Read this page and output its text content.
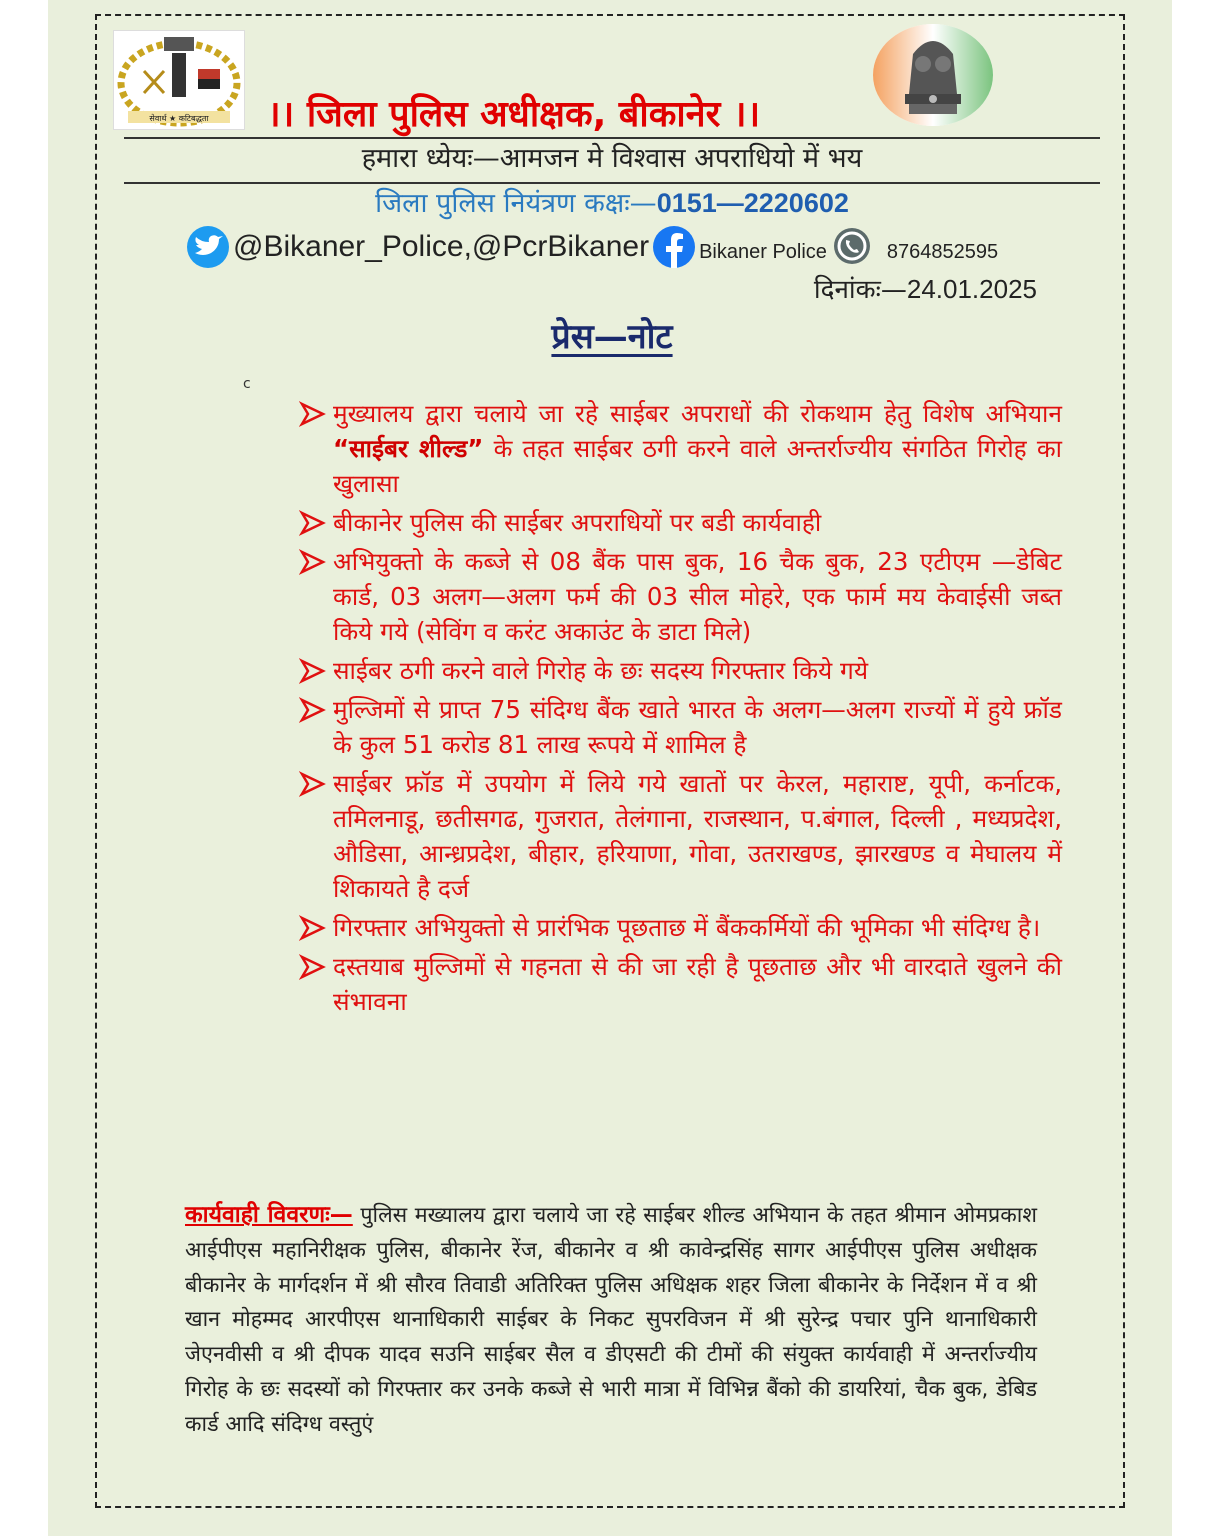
सेवार्थ ★ कटिबद्धता ।। जिला पुलिस अधीक्षक, बीकानेर ।।
हमारा ध्येयः—आमजन मे विश्वास अपराधियो में भय
जिला पुलिस नियंत्रण कक्षः—0151—2220602
@Bikaner_Police,@PcrBikaner	Bikaner Police	8764852595
दिनांकः—24.01.2025
प्रेस—नोट
c
मुख्यालय द्वारा चलाये जा रहे साईबर अपराधों की रोकथाम हेतु विशेष अभियान “साईबर शील्ड” के तहत साईबर ठगी करने वाले अन्तर्राज्यीय संगठित गिरोह का खुलासा
बीकानेर पुलिस की साईबर अपराधियों पर बडी कार्यवाही
अभियुक्तो के कब्जे से 08 बैंक पास बुक, 16 चैक बुक, 23 एटीएम —डेबिट कार्ड, 03 अलग—अलग फर्म की 03 सील मोहरे, एक फार्म मय केवाईसी जब्त किये गये (सेविंग व करंट अकाउंट के डाटा मिले)
साईबर ठगी करने वाले गिरोह के छः सदस्य गिरफ्तार किये गये
मुल्जिमों से प्राप्त 75 संदिग्ध बैंक खाते भारत के अलग—अलग राज्यों में हुये फ्रॉड के कुल 51 करोड 81 लाख रूपये में शामिल है
साईबर फ्रॉड में उपयोग में लिये गये खातों पर केरल, महाराष्ट, यूपी, कर्नाटक, तमिलनाडू, छतीसगढ, गुजरात, तेलंगाना, राजस्थान, प.बंगाल, दिल्ली , मध्यप्रदेश, औडिसा, आन्ध्रप्रदेश, बीहार, हरियाणा, गोवा, उतराखण्ड, झारखण्ड व मेघालय में शिकायते है दर्ज
गिरफ्तार अभियुक्तो से प्रारंभिक पूछताछ में बैंककर्मियों की भूमिका भी संदिग्ध है।
दस्तयाब मुल्जिमों से गहनता से की जा रही है पूछताछ और भी वारदाते खुलने की संभावना
कार्यवाही विवरणः— पुलिस मख्यालय द्वारा चलाये जा रहे साईबर शील्ड अभियान के तहत श्रीमान ओमप्रकाश आईपीएस महानिरीक्षक पुलिस, बीकानेर रेंज, बीकानेर व श्री कावेन्द्रसिंह सागर आईपीएस पुलिस अधीक्षक बीकानेर के मार्गदर्शन में श्री सौरव तिवाडी अतिरिक्त पुलिस अधिक्षक शहर जिला बीकानेर के निर्देशन में व श्री खान मोहम्मद आरपीएस थानाधिकारी साईबर के निकट सुपरविजन में श्री सुरेन्द्र पचार पुनि थानाधिकारी जेएनवीसी व श्री दीपक यादव सउनि साईबर सैल व डीएसटी की टीमों की संयुक्त कार्यवाही में अन्तर्राज्यीय गिरोह के छः सदस्यों को गिरफ्तार कर उनके कब्जे से भारी मात्रा में विभिन्न बैंको की डायरियां, चैक बुक, डेबिड कार्ड आदि संदिग्ध वस्तुएं
